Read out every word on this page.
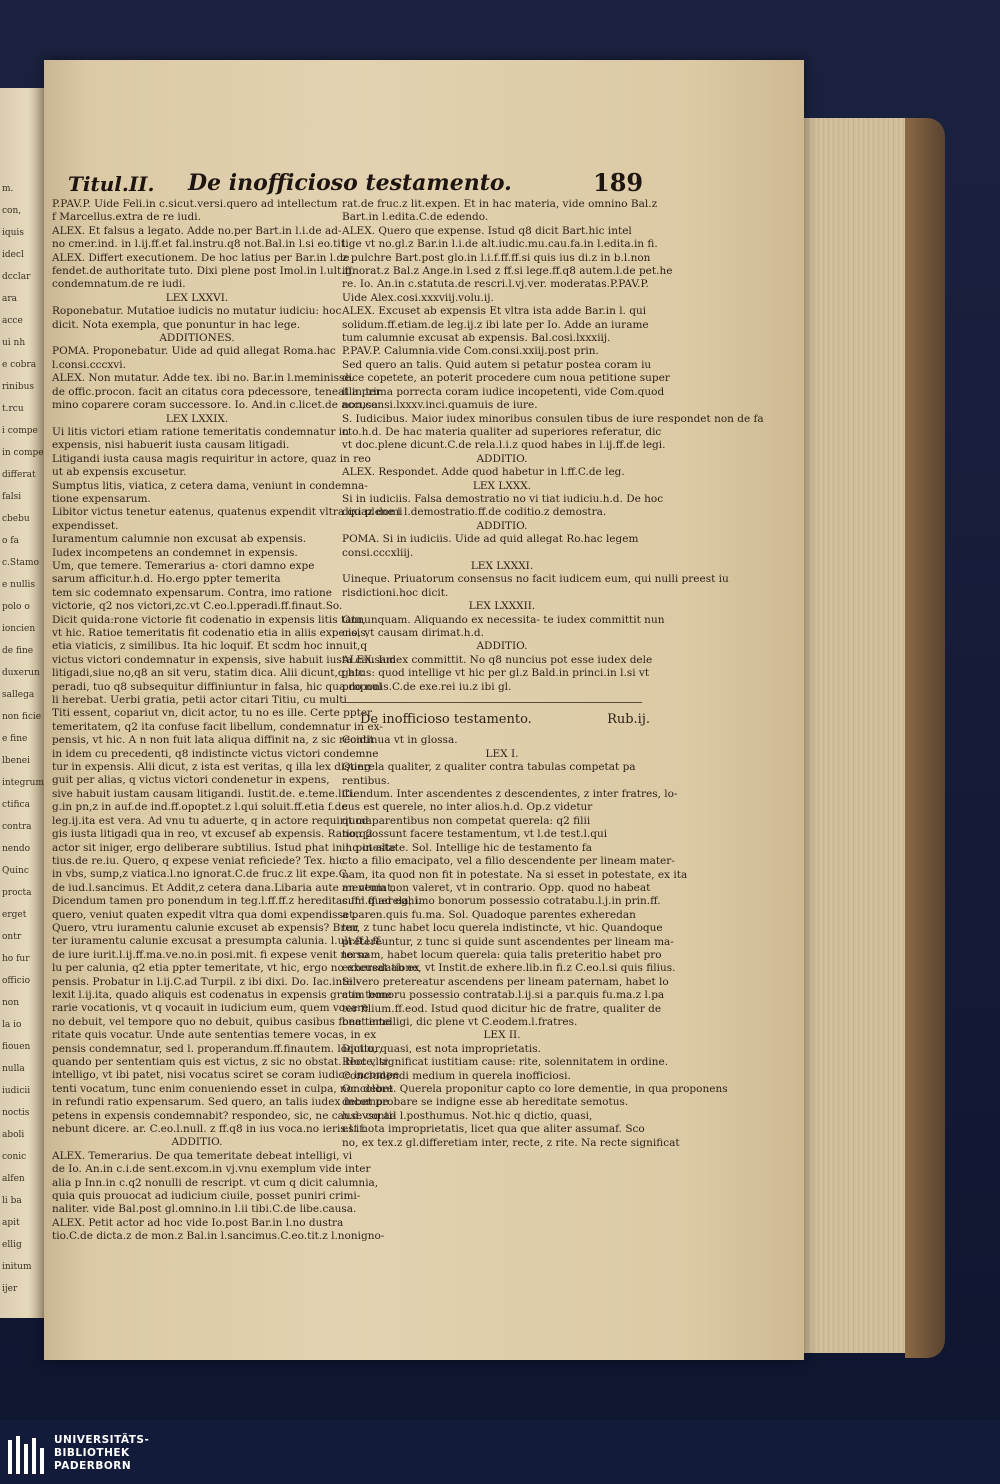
m.
con,
iquis
idecl
dcclar
ara
acce
ui nh
e cobra
rinibus
t.rcu
i compe
in compe
differat
falsi
cbebu
o fa
c.Stamo
e nullis
polo o
ioncien
de fine
duxerun
sallega
non ficie
e fine
lbenei
integrum
ctifica
contra
nendo
Quinc
procta
erget
ontr
ho fur
officio
non
la io
fiouen
nulla
iudicii
noctis
aboli
conic
alfen
li ba
apit
ellig
initum
ijer
Titul.II. De inofficioso testamento.	189
P.PAV.P. Uide Feli.in c.sicut.versi.quero ad intellectum
f Marcellus.extra de re iudi.
ALEX. Et falsus a legato. Adde no.per Bart.in l.i.de ad-
no cmer.ind. in l.ij.ff.et fal.instru.q8 not.Bal.in l.si eo.tit.
ALEX. Differt executionem. De hoc latius per Bar.in l.de
fendet.de authoritate tuto. Dixi plene post Imol.in l.ult.ff.
condemnatum.de re iudi.
LEX LXXVI.
Roponebatur. Mutatioe iudicis no mutatur iudiciu: hoc
dicit. Nota exempla, que ponuntur in hac lege.
ADDITIONES.
POMA. Proponebatur. Uide ad quid allegat Roma.hac
l.consi.cccxvi.
ALEX. Non mutatur. Adde tex. ibi no. Bar.in l.meminisse.
de offic.procon. facit an citatus cora pdecessore, teneat in ter
mino coparere coram successore. Io. And.in c.licet.de accusa.
LEX LXXIX.
Ui litis victori etiam ratione temeritatis condemnatur in
expensis, nisi habuerit iusta causam litigadi.
Litigandi iusta causa magis requiritur in actore, quaz in reo
ut ab expensis excusetur.
Sumptus litis, viatica, z cetera dama, veniunt in condemna-
tione expensarum.
Libitor victus tenetur eatenus, quatenus expendit vltra quaz domi
expendisset.
Iuramentum calumnie non excusat ab expensis.
Iudex incompetens an condemnet in expensis.
Um, que temere. Temerarius a- ctori damno expe
sarum afficitur.h.d. Ho.ergo ppter temerita
tem sic codemnato expensarum. Contra, imo ratione
victorie, q2 nos victori,zc.vt C.eo.l.pperadi.ff.finaut.So.
Dicit quida:rone victorie fit codenatio in expensis litis tatu,
vt hic. Ratioe temeritatis fit codenatio etia in aliis expensis,
etia viaticis, z similibus. Ita hic loquif. Et scdm hoc innuit,q
victus victori condemnatur in expensis, sive habuit iusta causam
litigadi,siue no,q8 an sit veru, statim dica. Alii dicunt,q hic
peradi, tuo q8 subsequitur diffiniuntur in falsa, hic qua do nul
li herebat. Uerbi gratia, petii actor citari Titiu, cu multi
Titi essent, copariut vn, dicit actor, tu no es ille. Certe ppter
temeritatem, q2 ita confuse facit libellum, condemnatur in ex-
pensis, vt hic. A n non fuit lata aliqua diffinit na, z sic recidit
in idem cu precedenti, q8 indistincte victus victori condemne
tur in expensis. Alii dicut, z ista est veritas, q illa lex disting
guit per alias, q victus victori condenetur in expens,
sive habuit iustam causam litigandi. Iustit.de. e.teme.liti.
g.in pn,z in auf.de ind.ff.opoptet.z l.qui soluit.ff.etia f.de
leg.ij.ita est vera. Ad vnu tu aduerte, q in actore requirit ma
gis iusta litigadi qua in reo, vt excusef ab expensis. Ratio,q2
actor sit iniger, ergo deliberare subtilius. Istud phat in l.q in alte
tius.de re.iu. Quero, q expese veniat reficiede? Tex. hic
in vbs, sump,z viatica.l.no ignorat.C.de fruc.z lit expe.C.
de iud.l.sancimus. Et Addit,z cetera dana.Libaria aute an veniat,
Dicendum tamen pro ponendum in teg.l.ff.ff.z hereditas.ff.l.ff.ad eghi.
quero, veniut quaten expedit vltra qua domi expendisset.
Quero, vtru iuramentu calunie excuset ab expensis? Breu
ter iuramentu calunie excusat a presumpta calunia. l.ult.ff.l.ff.
de iure iurit.l.ij.ff.ma.ve.no.in posi.mit. fi expese venit no so
lu per calunia, q2 etia ppter temeritate, vt hic, ergo no excusat ab ex
pensis. Probatur in l.ij.C.ad Turpil. z ibi dixi. Do. Iac.intel-
lexit l.ij.ita, quado aliquis est codenatus in expensis gratia teme
rarie vocationis, vt q vocauit in iudicium eum, quem vocare
no debuit, vel tempore quo no debuit, quibus casibus fone teme
ritate quis vocatur. Unde aute sententias temere vocas, in ex
pensis condemnatur, sed l. properandum.ff.finautem. loquitur,
quando per sententiam quis est victus, z sic no obstat. Hoc vltr
intelligo, vt ibi patet, nisi vocatus sciret se coram iudice incompe
tenti vocatum, tunc enim conueniendo esset in culpa, non debet
in refundi ratio expensarum. Sed quero, an talis iudex incompe
petens in expensis condemnabit? respondeo, sic, ne cause conti-
nebunt dicere. ar. C.eo.l.null. z ff.q8 in ius voca.no ieris.l.if.
ADDITIO.
ALEX. Temerarius. De qua temeritate debeat intelligi, vi
de Io. An.in c.i.de sent.excom.in vj.vnu exemplum vide inter
alia p Inn.in c.q2 nonulli de rescript. vt cum q dicit calumnia,
quia quis prouocat ad iudicium ciuile, posset puniri crimi-
naliter. vide Bal.post gl.omnino.in l.ii tibi.C.de libe.causa.
ALEX. Petit actor ad hoc vide Io.post Bar.in l.no dustra
tio.C.de dicta.z de mon.z Bal.in l.sancimus.C.eo.tit.z l.nonigno-
rat.de fruc.z lit.expen. Et in hac materia, vide omnino Bal.z
Bart.in l.edita.C.de edendo.
ALEX. Quero que expense. Istud q8 dicit Bart.hic intel
lige vt no.gl.z Bar.in l.i.de alt.iudic.mu.cau.fa.in l.edita.in fi.
z pulchre Bart.post glo.in l.i.f.ff.ff.si quis ius di.z in b.l.non
ignorat.z Bal.z Ange.in l.sed z ff.si lege.ff.q8 autem.l.de pet.he
re. Io. An.in c.statuta.de rescri.l.vj.ver. moderatas.P.PAV.P.
Uide Alex.cosi.xxxviij.volu.ij.
ALEX. Excuset ab expensis Et vltra ista adde Bar.in l. qui
solidum.ff.etiam.de leg.ij.z ibi late per Io. Adde an iurame
tum calumnie excusat ab expensis. Bal.cosi.lxxxiij.
P.PAV.P. Calumnia.vide Com.consi.xxiij.post prin.
Sed quero an talis. Quid autem si petatur postea coram iu
dice copetete, an poterit procedere cum noua petitione super
illa prima porrecta coram iudice incopetenti, vide Com.quod
non,consi.lxxxv.inci.quamuis de iure.
S. Iudicibus. Maior iudex minoribus consulen tibus de iure respondet non de fa
cto.h.d. De hac materia qualiter ad superiores referatur, dic
vt doc.plene dicunt.C.de rela.l.i.z quod habes in l.ij.ff.de legi.
ADDITIO.
ALEX. Respondet. Adde quod habetur in l.ff.C.de leg.
LEX LXXX.
Si in iudiciis. Falsa demostratio no vi tiat iudiciu.h.d. De hoc
dixi plene i l.demostratio.ff.de coditio.z demostra.
ADDITIO.
POMA. Si in iudiciis. Uide ad quid allegat Ro.hac legem
consi.cccxliij.
LEX LXXXI.
Uineque. Priuatorum consensus no facit iudicem eum, qui nulli preest iu
risdictioni.hoc dicit.
LEX LXXXII.
Onnunquam. Aliquando ex necessita- te iudex committit nun
cio, vt causam dirimat.h.d.
ADDITIO.
ALEX. Iudex committit. No q8 nuncius pot esse iudex dele
gatus: quod intellige vt hic per gl.z Bald.in princi.in l.si vt
proponis.C.de exe.rei iu.z ibi gl.
De inofficioso testamento.	Rub.ij.
Continua vt in glossa.
LEX I.
Querela qualiter, z qualiter contra tabulas competat pa
rentibus.
Ciendum. Inter ascendentes z descendentes, z inter fratres, lo-
cus est querele, no inter alios.h.d. Op.z videtur
quod parentibus non competat querela: q2 filii
non possunt facere testamentum, vt l.de test.l.qui
in potestate. Sol. Intellige hic de testamento fa
cto a filio emacipato, vel a filio descendente per lineam mater-
nam, ita quod non fit in potestate. Na si esset in potestate, ex ita
mentum non valeret, vt in contrario. Opp. quod no habeat
cum querela, imo bonorum possessio cotratabu.l.j.in prin.ff.
a paren.quis fu.ma. Sol. Quadoque parentes exheredan
tur, z tunc habet locu querela indistincte, vt hic. Quandoque
pretereuntur, z tunc si quide sunt ascendentes per lineam ma-
ternam, habet locum querela: quia talis preteritio habet pro
exheredatione, vt Instit.de exhere.lib.in fi.z C.eo.l.si quis filius.
Si vero pretereatur ascendens per lineam paternam, habet lo
cum bonoru possessio contratab.l.ij.si a par.quis fu.ma.z l.pa
ter filium.ff.eod. Istud quod dicitur hic de fratre, qualiter de
beat intelligi, dic plene vt C.eodem.l.fratres.
LEX II.
Dictio, quasi, est nota improprietatis.
Recte, significat iustitiam cause: rite, solennitatem in ordine.
Concludendi medium in querela inofficiosi.
Oc colore. Querela proponitur capto co lore dementie, in qua proponens
debet probare se indigne esse ab hereditate semotus.
h.d.vsq ad l.posthumus. Not.hic q dictio, quasi,
est nota improprietatis, licet qua que aliter assumaf. Sco
no, ex tex.z gl.differetiam inter, recte, z rite. Na recte significat
UNIVERSITÄTS-
BIBLIOTHEK
PADERBORN
